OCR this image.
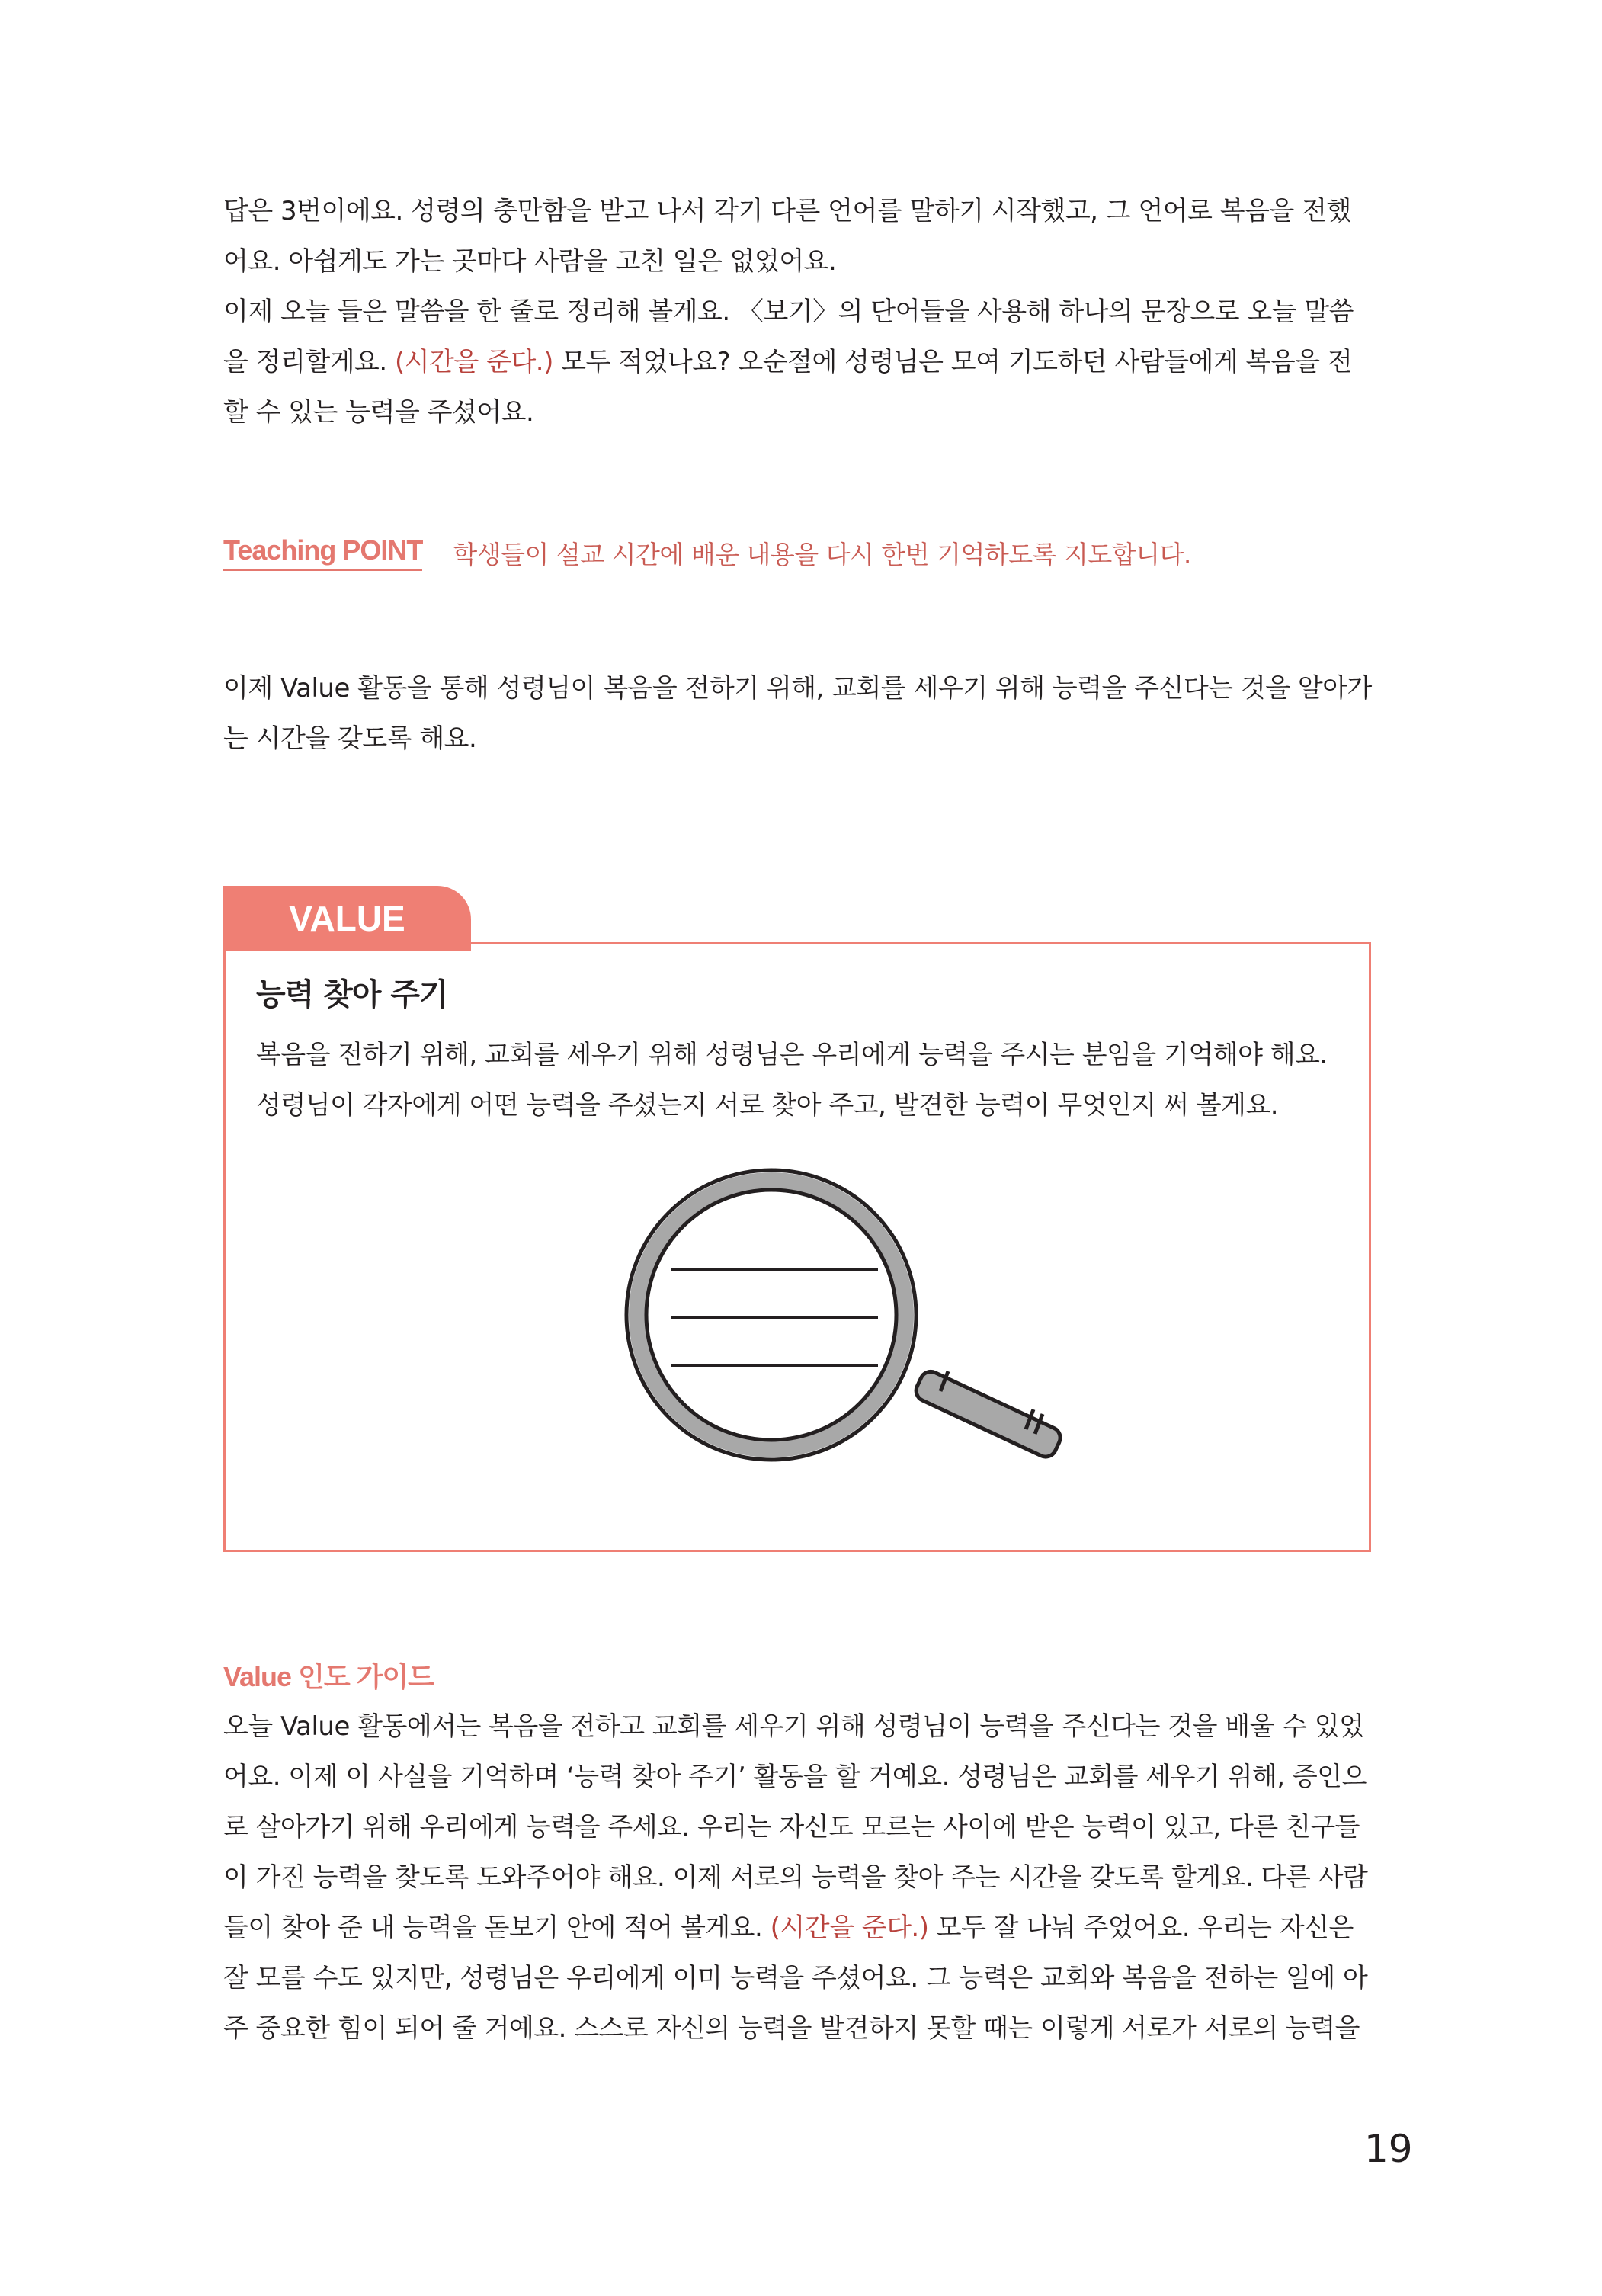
답은 3번이에요. 성령의 충만함을 받고 나서 각기 다른 언어를 말하기 시작했고, 그 언어로 복음을 전했어요. 아쉽게도 가는 곳마다 사람을 고친 일은 없었어요.
이제 오늘 들은 말씀을 한 줄로 정리해 볼게요. 〈보기〉의 단어들을 사용해 하나의 문장으로 오늘 말씀을 정리할게요. (시간을 준다.) 모두 적었나요? 오순절에 성령님은 모여 기도하던 사람들에게 복음을 전할 수 있는 능력을 주셨어요.
Teaching POINT 학생들이 설교 시간에 배운 내용을 다시 한번 기억하도록 지도합니다.

이제 Value 활동을 통해 성령님이 복음을 전하기 위해, 교회를 세우기 위해 능력을 주신다는 것을 알아가는 시간을 갖도록 해요.

VALUE
능력 찾아 주기

복음을 전하기 위해, 교회를 세우기 위해 성령님은 우리에게 능력을 주시는 분임을 기억해야 해요. 성령님이 각자에게 어떤 능력을 주셨는지 서로 찾아 주고, 발견한 능력이 무엇인지 써 볼게요.

Value 인도 가이드
오늘 Value 활동에서는 복음을 전하고 교회를 세우기 위해 성령님이 능력을 주신다는 것을 배울 수 있었어요. 이제 이 사실을 기억하며 ‘능력 찾아 주기’ 활동을 할 거예요. 성령님은 교회를 세우기 위해, 증인으로 살아가기 위해 우리에게 능력을 주세요. 우리는 자신도 모르는 사이에 받은 능력이 있고, 다른 친구들이 가진 능력을 찾도록 도와주어야 해요. 이제 서로의 능력을 찾아 주는 시간을 갖도록 할게요. 다른 사람들이 찾아 준 내 능력을 돋보기 안에 적어 볼게요. (시간을 준다.) 모두 잘 나눠 주었어요. 우리는 자신은 잘 모를 수도 있지만, 성령님은 우리에게 이미 능력을 주셨어요. 그 능력은 교회와 복음을 전하는 일에 아주 중요한 힘이 되어 줄 거예요. 스스로 자신의 능력을 발견하지 못할 때는 이렇게 서로가 서로의 능력을
19
